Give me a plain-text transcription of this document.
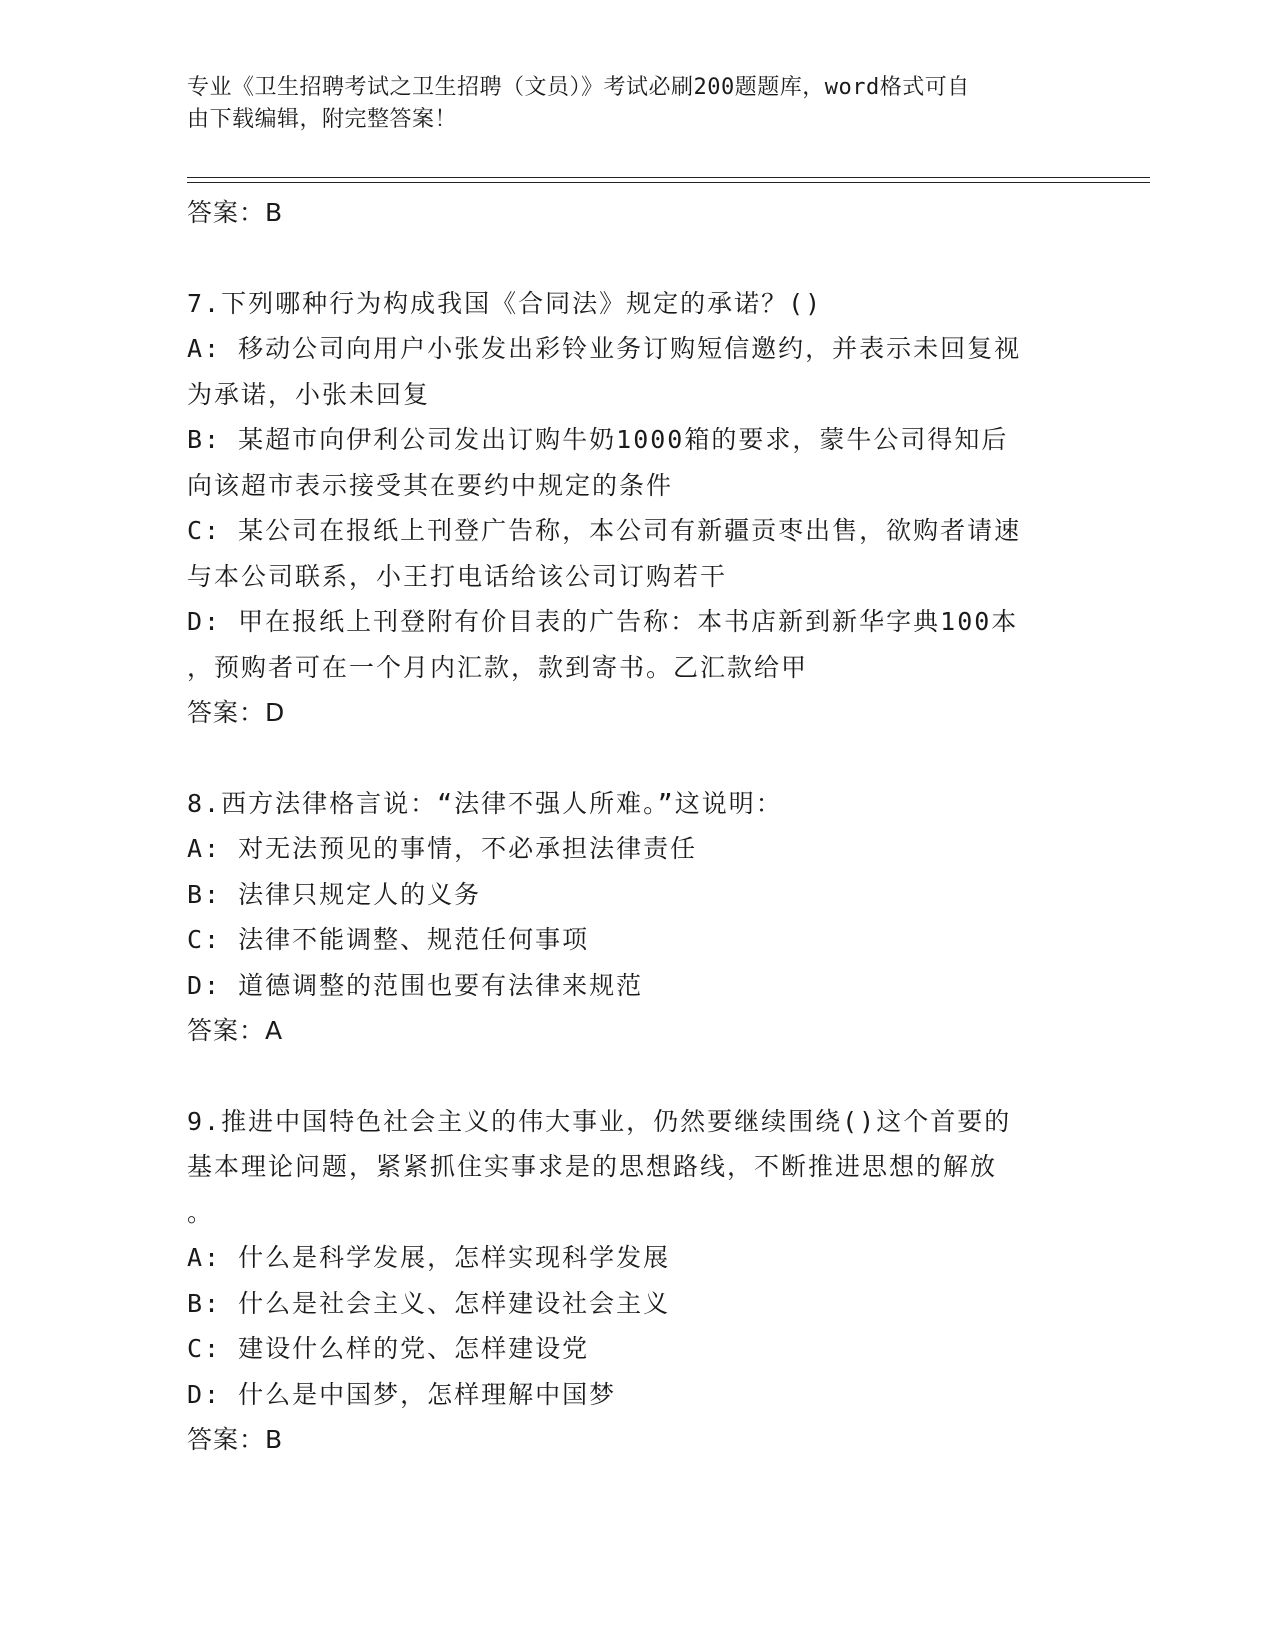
专业《卫生招聘考试之卫生招聘（文员）》考试必刷200题题库，word格式可自
由下载编辑，附完整答案！
答案：B
7.下列哪种行为构成我国《合同法》规定的承诺？()
A: 移动公司向用户小张发出彩铃业务订购短信邀约，并表示未回复视
为承诺，小张未回复
B: 某超市向伊利公司发出订购牛奶1000箱的要求，蒙牛公司得知后
向该超市表示接受其在要约中规定的条件
C: 某公司在报纸上刊登广告称，本公司有新疆贡枣出售，欲购者请速
与本公司联系，小王打电话给该公司订购若干
D: 甲在报纸上刊登附有价目表的广告称：本书店新到新华字典100本
，预购者可在一个月内汇款，款到寄书。乙汇款给甲
答案：D
8.西方法律格言说：“法律不强人所难。”这说明：
A: 对无法预见的事情，不必承担法律责任
B: 法律只规定人的义务
C: 法律不能调整、规范任何事项
D: 道德调整的范围也要有法律来规范
答案：A
9.推进中国特色社会主义的伟大事业，仍然要继续围绕()这个首要的
基本理论问题，紧紧抓住实事求是的思想路线，不断推进思想的解放
。
A: 什么是科学发展，怎样实现科学发展
B: 什么是社会主义、怎样建设社会主义
C: 建设什么样的党、怎样建设党
D: 什么是中国梦，怎样理解中国梦
答案：B
